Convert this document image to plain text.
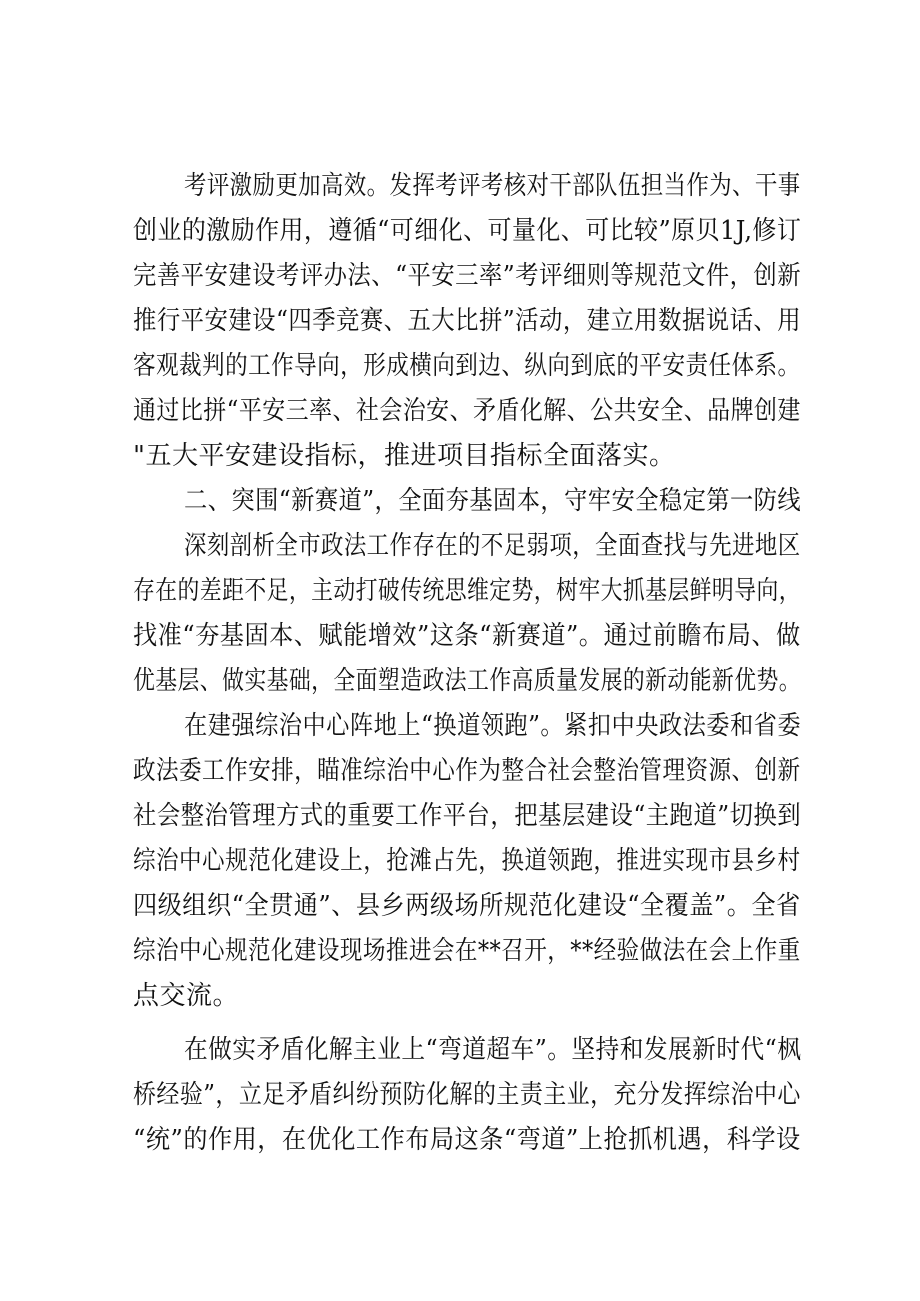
考评激励更加高效。发挥考评考核对干部队伍担当作为、干事
创业的激励作用，遵循“可细化、可量化、可比较”原贝1J,修订
完善平安建设考评办法、“平安三率”考评细则等规范文件，创新
推行平安建设“四季竞赛、五大比拼”活动，建立用数据说话、用
客观裁判的工作导向，形成横向到边、纵向到底的平安责任体系。
通过比拼“平安三率、社会治安、矛盾化解、公共安全、品牌创建
"五大平安建设指标，推进项目指标全面落实。
二、突围“新赛道”，全面夯基固本，守牢安全稳定第一防线
深刻剖析全市政法工作存在的不足弱项，全面查找与先进地区
存在的差距不足，主动打破传统思维定势，树牢大抓基层鲜明导向，
找准“夯基固本、赋能增效”这条“新赛道”。通过前瞻布局、做
优基层、做实基础，全面塑造政法工作高质量发展的新动能新优势。
在建强综治中心阵地上“换道领跑”。紧扣中央政法委和省委
政法委工作安排，瞄准综治中心作为整合社会整治管理资源、创新
社会整治管理方式的重要工作平台，把基层建设“主跑道”切换到
综治中心规范化建设上，抢滩占先，换道领跑，推进实现市县乡村
四级组织“全贯通”、县乡两级场所规范化建设“全覆盖”。全省
综治中心规范化建设现场推进会在**召开，**经验做法在会上作重
点交流。
在做实矛盾化解主业上“弯道超车”。坚持和发展新时代“枫
桥经验”，立足矛盾纠纷预防化解的主责主业，充分发挥综治中心
“统”的作用，在优化工作布局这条“弯道”上抢抓机遇，科学设
